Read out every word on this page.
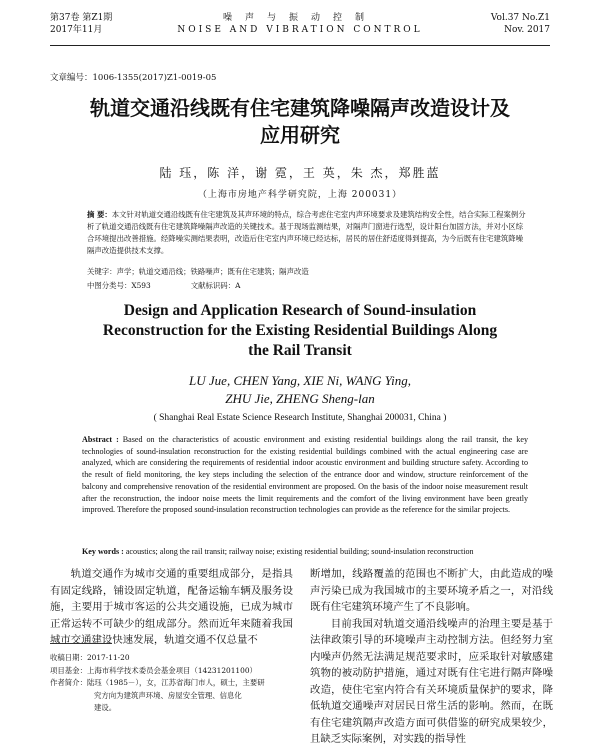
第37卷 第Z1期
2017年11月
噪声与振动控制
NOISE AND VIBRATION CONTROL
Vol.37 No.Z1
Nov. 2017
文章编号：1006-1355(2017)Z1-0019-05
轨道交通沿线既有住宅建筑降噪隔声改造设计及
应用研究
陆 珏，陈 洋，谢 霓，王 英，朱 杰，郑胜蓝
（上海市房地产科学研究院，上海 200031）
摘 要：本文针对轨道交通沿线既有住宅建筑及其声环境的特点，综合考虑住宅室内声环境要求及建筑结构安全性，结合实际工程案例分析了轨道交通沿线既有住宅建筑降噪隔声改造的关键技术。基于现场监测结果，对隔声门窗进行选型，设计阳台加固方法，并对小区综合环境提出改善措施。经降噪实测结果表明，改造后住宅室内声环境已经达标，居民的居住舒适度得到提高，为今后既有住宅建筑降噪隔声改造提供技术支撑。
关键字：声学；轨道交通沿线；铁路噪声；既有住宅建筑；隔声改造
中图分类号：X593	文献标识码：A
Design and Application Research of Sound-insulation
Reconstruction for the Existing Residential Buildings Along
the Rail Transit
LU Jue, CHEN Yang, XIE Ni, WANG Ying,
ZHU Jie, ZHENG Sheng-lan
( Shanghai Real Estate Science Research Institute, Shanghai 200031, China )
Abstract : Based on the characteristics of acoustic environment and existing residential buildings along the rail transit, the key technologies of sound-insulation reconstruction for the existing residential buildings combined with the actual engineering case are analyzed, which are considering the requirements of residential indoor acoustic environment and building structure safety. According to the result of field monitoring, the key steps including the selection of the entrance door and window, structure reinforcement of the balcony and comprehensive renovation of the residential environment are proposed. On the basis of the indoor noise measurement result after the reconstruction, the indoor noise meets the limit requirements and the comfort of the living environment have been greatly improved. Therefore the proposed sound-insulation reconstruction technologies can provide as the reference for the similar projects.
Key words : acoustics; along the rail transit; railway noise; existing residential building; sound-insulation reconstruction

轨道交通作为城市交通的重要组成部分，是指具有固定线路，铺设固定轨道，配备运输车辆及服务设施，主要用于城市客运的公共交通设施，已成为城市正常运转不可缺少的组成部分。然而近年来随着我国城市交通建设快速发展，轨道交通不仅总量不

断增加，线路覆盖的范围也不断扩大，由此造成的噪声污染已成为我国城市的主要环境矛盾之一，对沿线既有住宅建筑环境产生了不良影响。

目前我国对轨道交通沿线噪声的治理主要是基于法律政策引导的环境噪声主动控制方法。但经努力室内噪声仍然无法满足规范要求时，应采取针对敏感建筑物的被动防护措施，通过对既有住宅进行隔声降噪改造，使住宅室内符合有关环境质量保护的要求，降低轨道交通噪声对居民日常生活的影响。然而，在既有住宅建筑隔声改造方面可供借鉴的研究成果较少，且缺乏实际案例，对实践的指导性

收稿日期：2017-11-20
项目基金：上海市科学技术委员会基金项目（14231201100）
作者简介：陆珏（1985－），女，江苏省海门市人，硕士，主要研
究方向为建筑声环境、房屋安全管理、信息化
建设。
